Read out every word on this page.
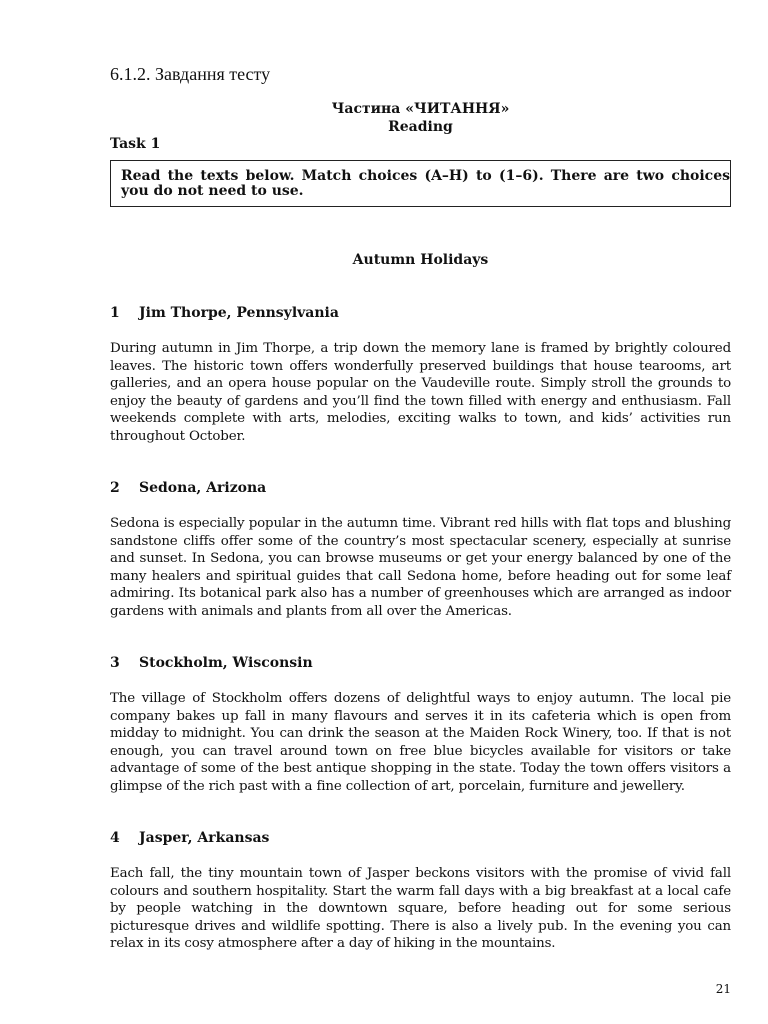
6.1.2. Завдання тесту
Частина «ЧИТАННЯ»
Reading
Task 1
Read the texts below. Match choices (A–H) to (1–6). There are two choices you do not need to use.
Autumn Holidays
1 Jim Thorpe, Pennsylvania

During autumn in Jim Thorpe, a trip down the memory lane is framed by brightly coloured leaves. The historic town offers wonderfully preserved buildings that house tearooms, art galleries, and an opera house popular on the Vaudeville route. Simply stroll the grounds to enjoy the beauty of gardens and you’ll find the town filled with energy and enthusiasm. Fall weekends complete with arts, melodies, exciting walks to town, and kids’ activities run throughout October.

2 Sedona, Arizona

Sedona is especially popular in the autumn time. Vibrant red hills with flat tops and blushing sandstone cliffs offer some of the country’s most spectacular scenery, especially at sunrise and sunset. In Sedona, you can browse museums or get your energy balanced by one of the many healers and spiritual guides that call Sedona home, before heading out for some leaf admiring. Its botanical park also has a number of greenhouses which are arranged as indoor gardens with animals and plants from all over the Americas.

3 Stockholm, Wisconsin

The village of Stockholm offers dozens of delightful ways to enjoy autumn. The local pie company bakes up fall in many flavours and serves it in its cafeteria which is open from midday to midnight. You can drink the season at the Maiden Rock Winery, too. If that is not enough, you can travel around town on free blue bicycles available for visitors or take advantage of some of the best antique shopping in the state. Today the town offers visitors a glimpse of the rich past with a fine collection of art, porcelain, furniture and jewellery.

4 Jasper, Arkansas

Each fall, the tiny mountain town of Jasper beckons visitors with the promise of vivid fall colours and southern hospitality. Start the warm fall days with a big breakfast at a local cafe by people watching in the downtown square, before heading out for some serious picturesque drives and wildlife spotting. There is also a lively pub. In the evening you can relax in its cosy atmosphere after a day of hiking in the mountains.

21
